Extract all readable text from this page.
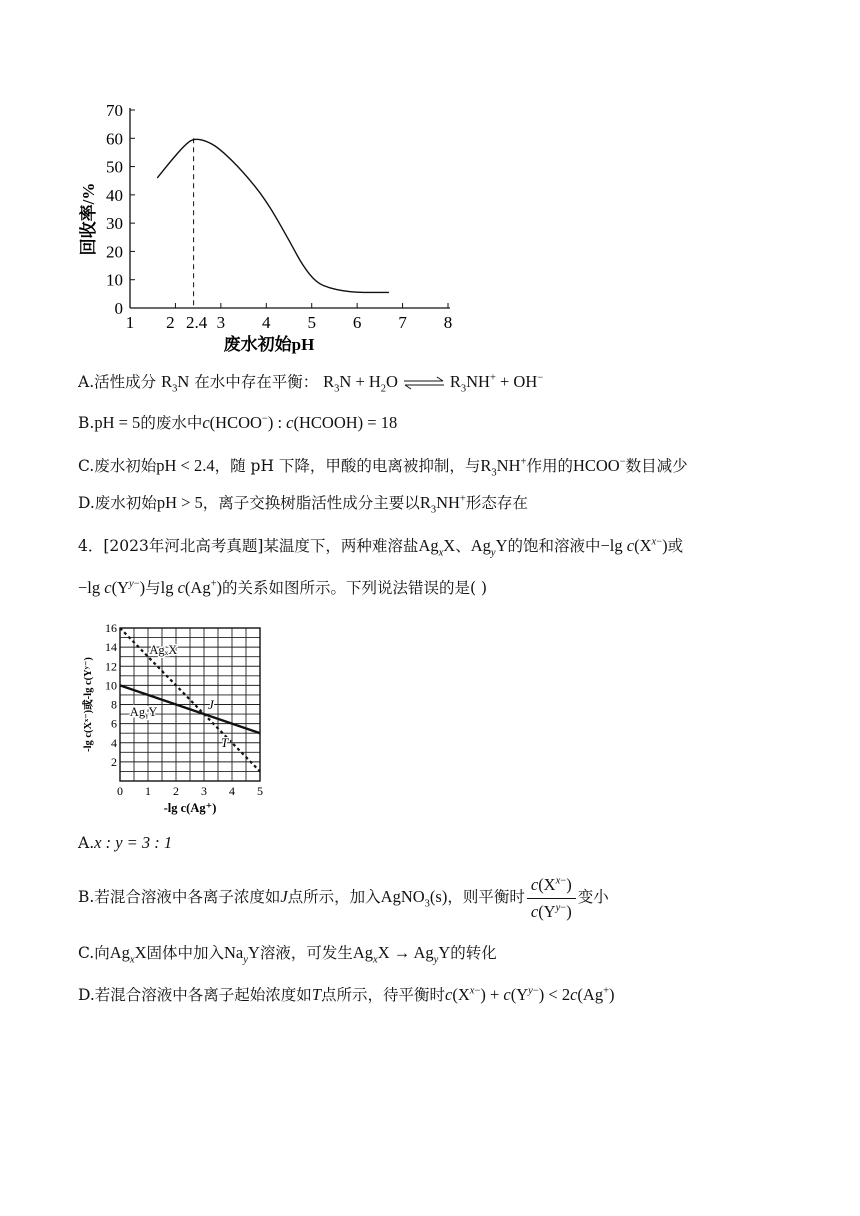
0
10
20
30
40
50
60
70
1 2 2.4 3 4 5 6 7 8
废水初始pH
回收率/%
A.活性成分 $R_3N$ 在水中存在平衡： $R_3N + H_2O$ ⇌ $R_3NH^+ + OH^-$
B.pH = 5的废水中c(HCOO−) : c(HCOOH) = 18
C.废水初始pH < 2.4，随 pH 下降，甲酸的电离被抑制，与$R_3NH^+$作用的HCOO−数目减少
D.废水初始pH > 5，离子交换树脂活性成分主要以$R_3NH^+$形态存在
4．[2023年河北高考真题]某温度下，两种难溶盐$Ag_xX$、$Ag_yY$的饱和溶液中−lg $c(X^{x-})$或
−lg $c(Y^{y-})$与lg c(Ag+)的关系如图所示。下列说法错误的是( )
2
4
6
8
10
12
14
16
0 1 2 3 4 5
AgₓX
AgᵧY	J
T
-lg c(Ag⁺)
-lg c(Xˣ⁻)或-lg c(Yʸ⁻)
A.x : y = 3 : 1
B.若混合溶液中各离子浓度如J点所示，加入AgNO$_3$(s)，则平衡时 $\frac{c(X^{x-})}{c(Y^{y-})}$ 变小
C.向$Ag_xX$固体中加入$Na_yY$溶液，可发生$Ag_xX \to Ag_yY$的转化
D.若混合溶液中各离子起始浓度如T点所示，待平衡时$c(X^{x-}) + c(Y^{y-}) < 2c(Ag^+)$
